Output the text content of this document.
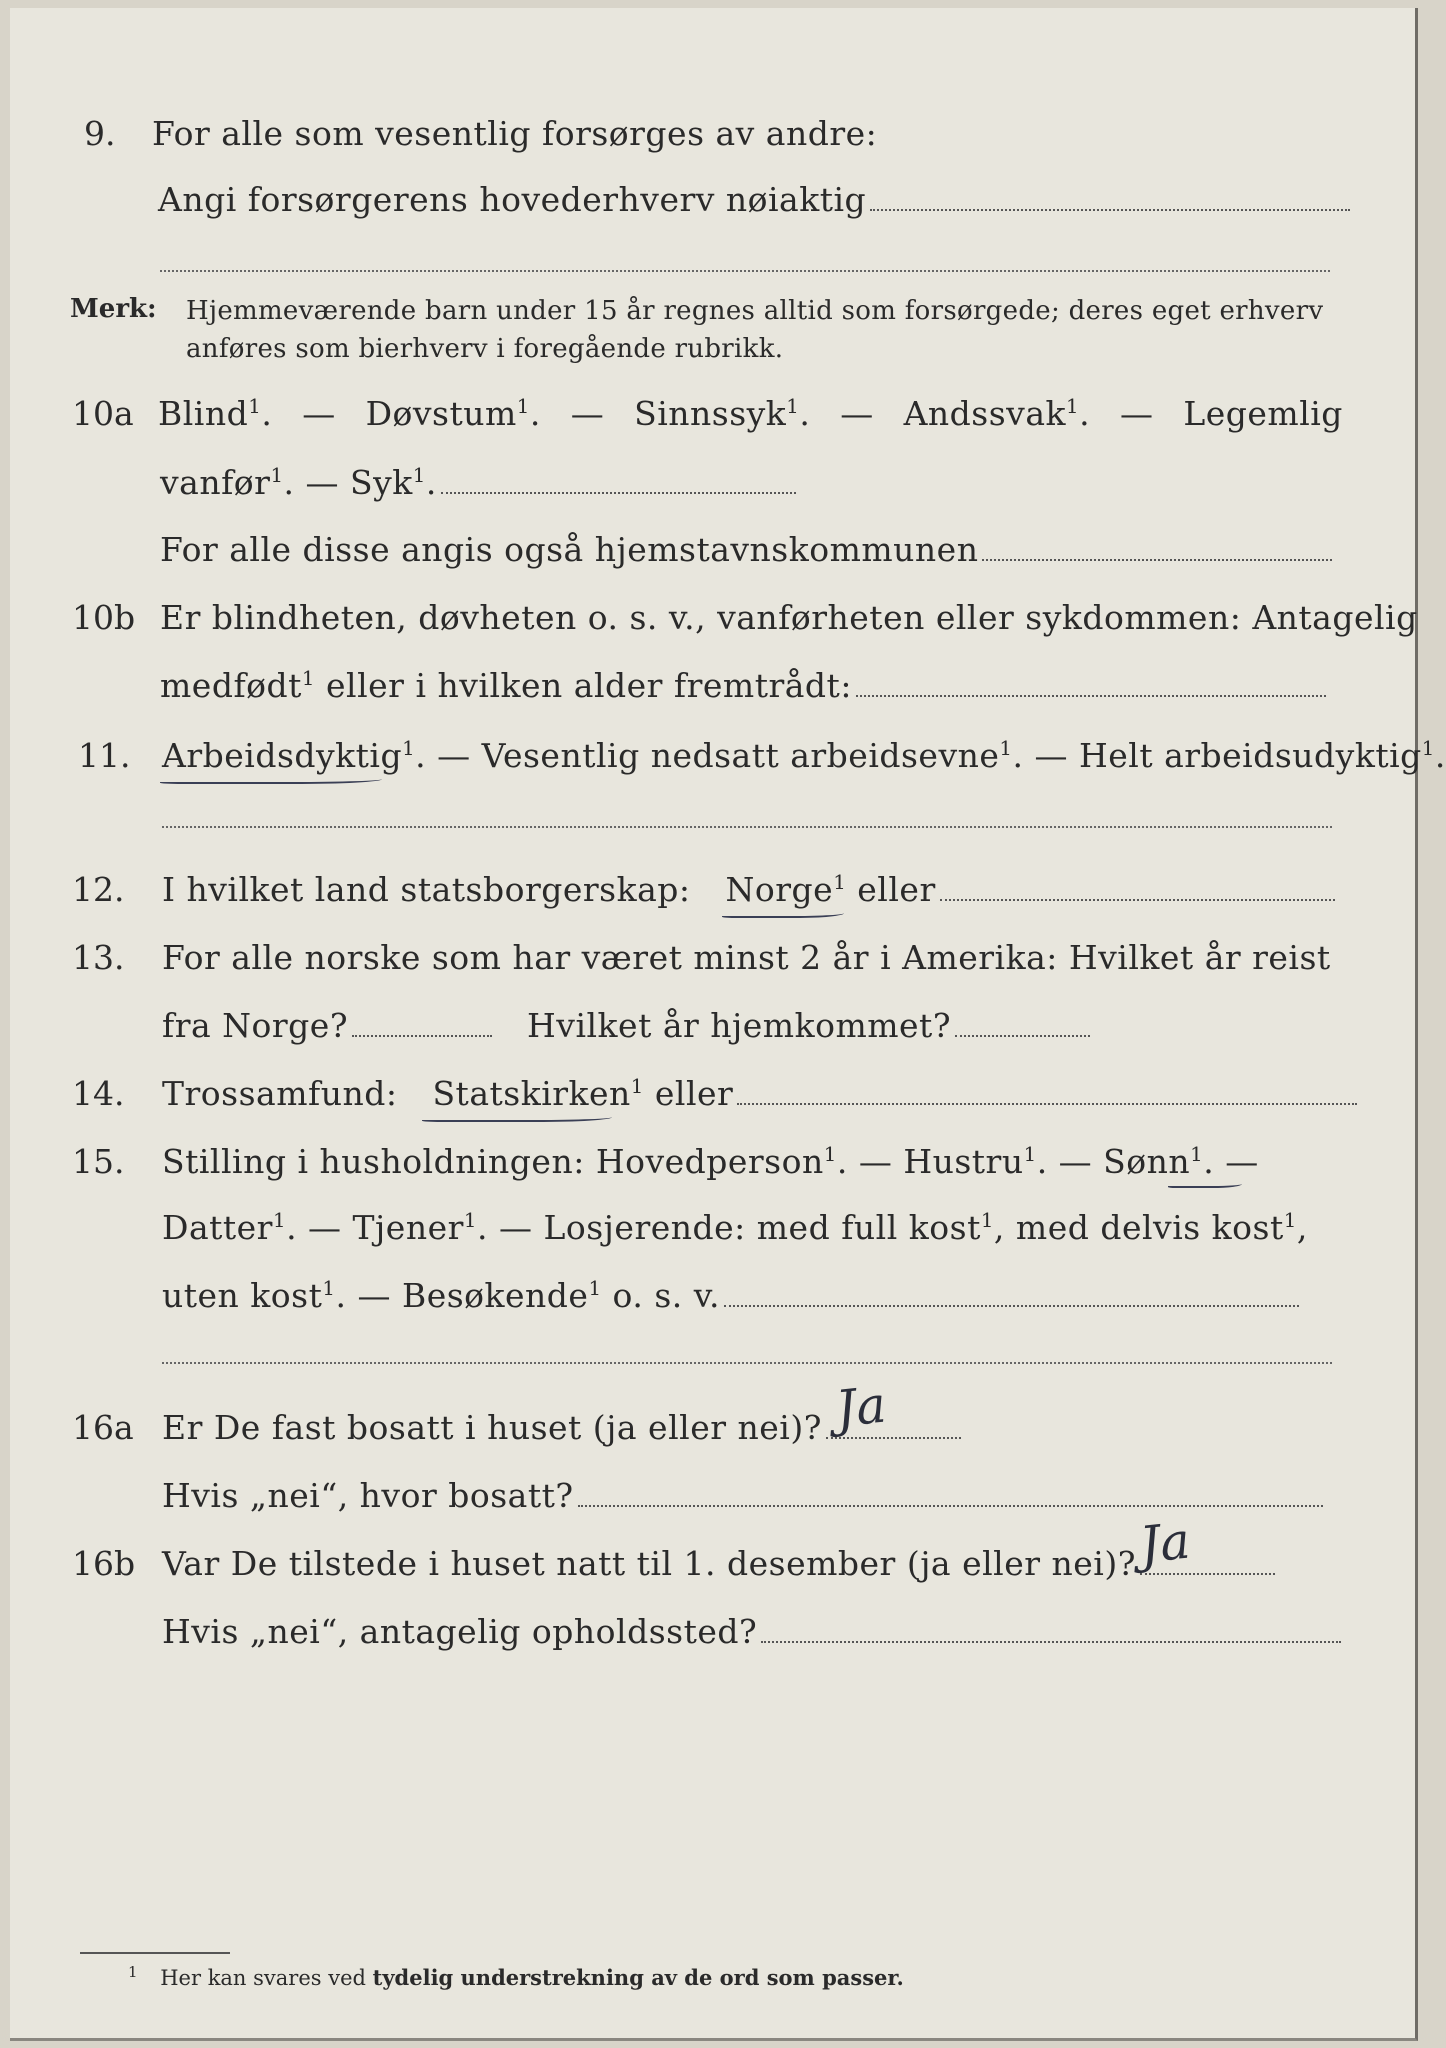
9. For alle som vesentlig forsørges av andre:
Angi forsørgerens hovederhverv nøiaktig
Merk: Hjemmeværende barn under 15 år regnes alltid som forsørgede; deres eget erhverv
anføres som bierhverv i foregående rubrikk.
10a Blind$^1$. — Døvstum$^1$. — Sinnssyk$^1$. — Andssvak$^1$. — Legemlig
vanfør$^1$. — Syk$^1$.
For alle disse angis også hjemstavnskommunen
10b Er blindheten, døvheten o. s. v., vanførheten eller sykdommen: Antagelig
medfødt$^1$ eller i hvilken alder fremtrådt:
11. Arbeidsdyktig$^1$. — Vesentlig nedsatt arbeidsevne$^1$. — Helt arbeidsudyktig$^1$.
12. I hvilket land statsborgerskap: Norge$^1$ eller
13. For alle norske som har været minst 2 år i Amerika: Hvilket år reist
fra Norge?	Hvilket år hjemkommet?
14. Trossamfund: Statskirken$^1$ eller
15. Stilling i husholdningen: Hovedperson$^1$. — Hustru$^1$. — Sønn$^1$. —
Datter$^1$. — Tjener$^1$. — Losjerende: med full kost$^1$, med delvis kost$^1$,
uten kost$^1$. — Besøkende$^1$ o. s. v.
16a Er De fast bosatt i huset (ja eller nei)? Ja
Hvis „nei“, hvor bosatt?
16b Var De tilstede i huset natt til 1. desember (ja eller nei)? Ja
Hvis „nei“, antagelig opholdssted?
$^1$ Her kan svares ved tydelig understrekning av de ord som passer.
